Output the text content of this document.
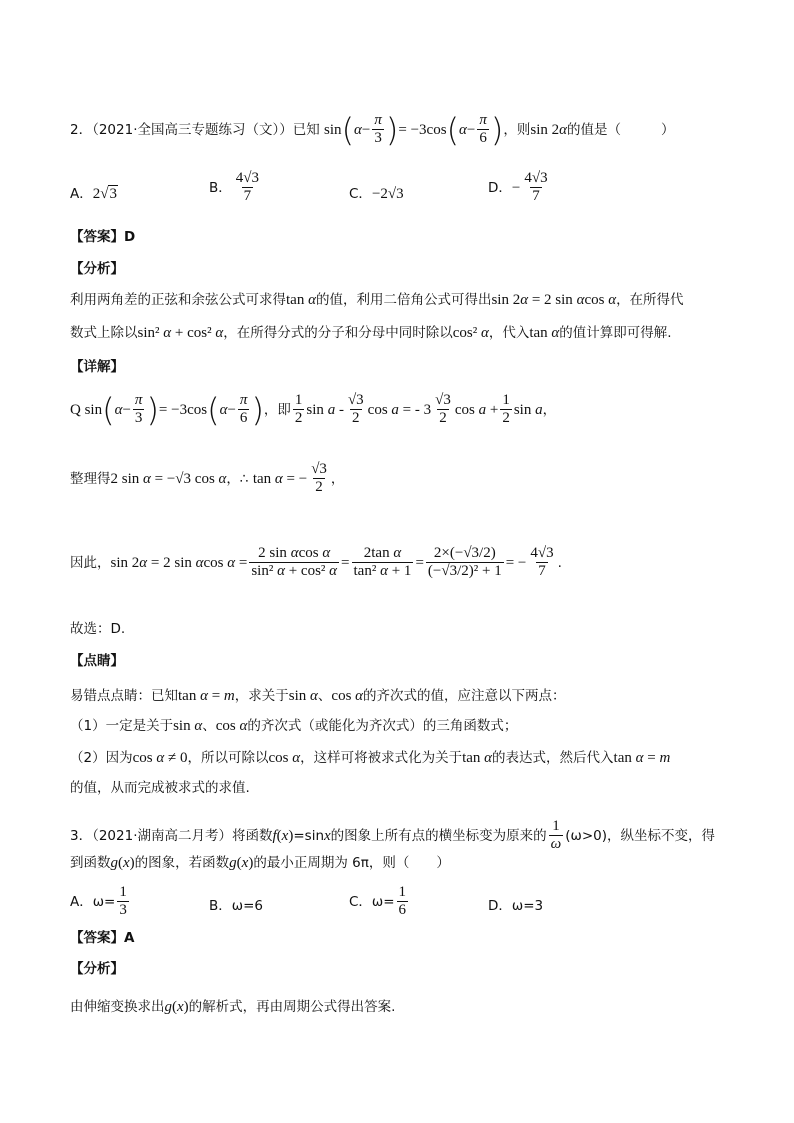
2．（2021·全国高三专题练习（文））已知 $\sin(\alpha- \frac{\pi}{3}$ )= $-3\cos(\alpha- \frac{\pi}{6}$ )，则sin 2α的值是（	）
A．2√3	B． $\frac{4√3}{7}$	C．−2√3	D．− $\frac{4√3}{7}$
【答案】D
【分析】
利用两角差的正弦和余弦公式可求得tan α的值，利用二倍角公式可得出sin 2α = 2 sin αcos α，在所得代
数式上除以sin² α + cos² α，在所得分式的分子和分母中同时除以cos² α，代入tan α的值计算即可得解.
【详解】
Q $\sin(\alpha- \frac{\pi}{3}$ )= $-3\cos(\alpha- \frac{\pi}{6}$ )，即 $\frac{1}{2}$ sin a - $\frac{√3}{2}$ cos a = - $3 \frac{√3}{2}$ $\cos a + \frac{1}{2}$ sin a，
整理得2 sin α = −√3 cos α，∴ tan α = − $\frac{√3}{2}$ ，
因此，sin 2α = 2 sin αcos $\alpha = \frac{\text{2 sin αcos α}}{\text{sin² α + cos² α}} = \frac{\text{2tan α}}{\text{tan² α + 1}} = \frac{2\times(-√3/2)}{\text{(−√3/2)² + 1}}$ = − $\frac{4√3}{7}$ .
故选：D.
【点睛】
易错点点睛：已知tan α = m，求关于sin α、cos α的齐次式的值，应注意以下两点：
（1）一定是关于sin α、cos α的齐次式（或能化为齐次式）的三角函数式；
（2）因为cos α ≠ 0，所以可除以cos α，这样可将被求式化为关于tan α的表达式，然后代入tan α = m
的值，从而完成被求式的求值.
3．（2021·湖南高二月考）将函数f(x)=sinx的图象上所有点的横坐标变为原来的 $\frac{1}{\omega} (\omega>0)$，纵坐标不变，得
到函数g(x)的图象，若函数g(x)的最小正周期为 6π，则（　　）
A．$\omega= \frac{1}{3}$	B．ω=6	C．$\omega= \frac{1}{6}$	D．ω=3
【答案】A
【分析】
由伸缩变换求出g(x)的解析式，再由周期公式得出答案.
